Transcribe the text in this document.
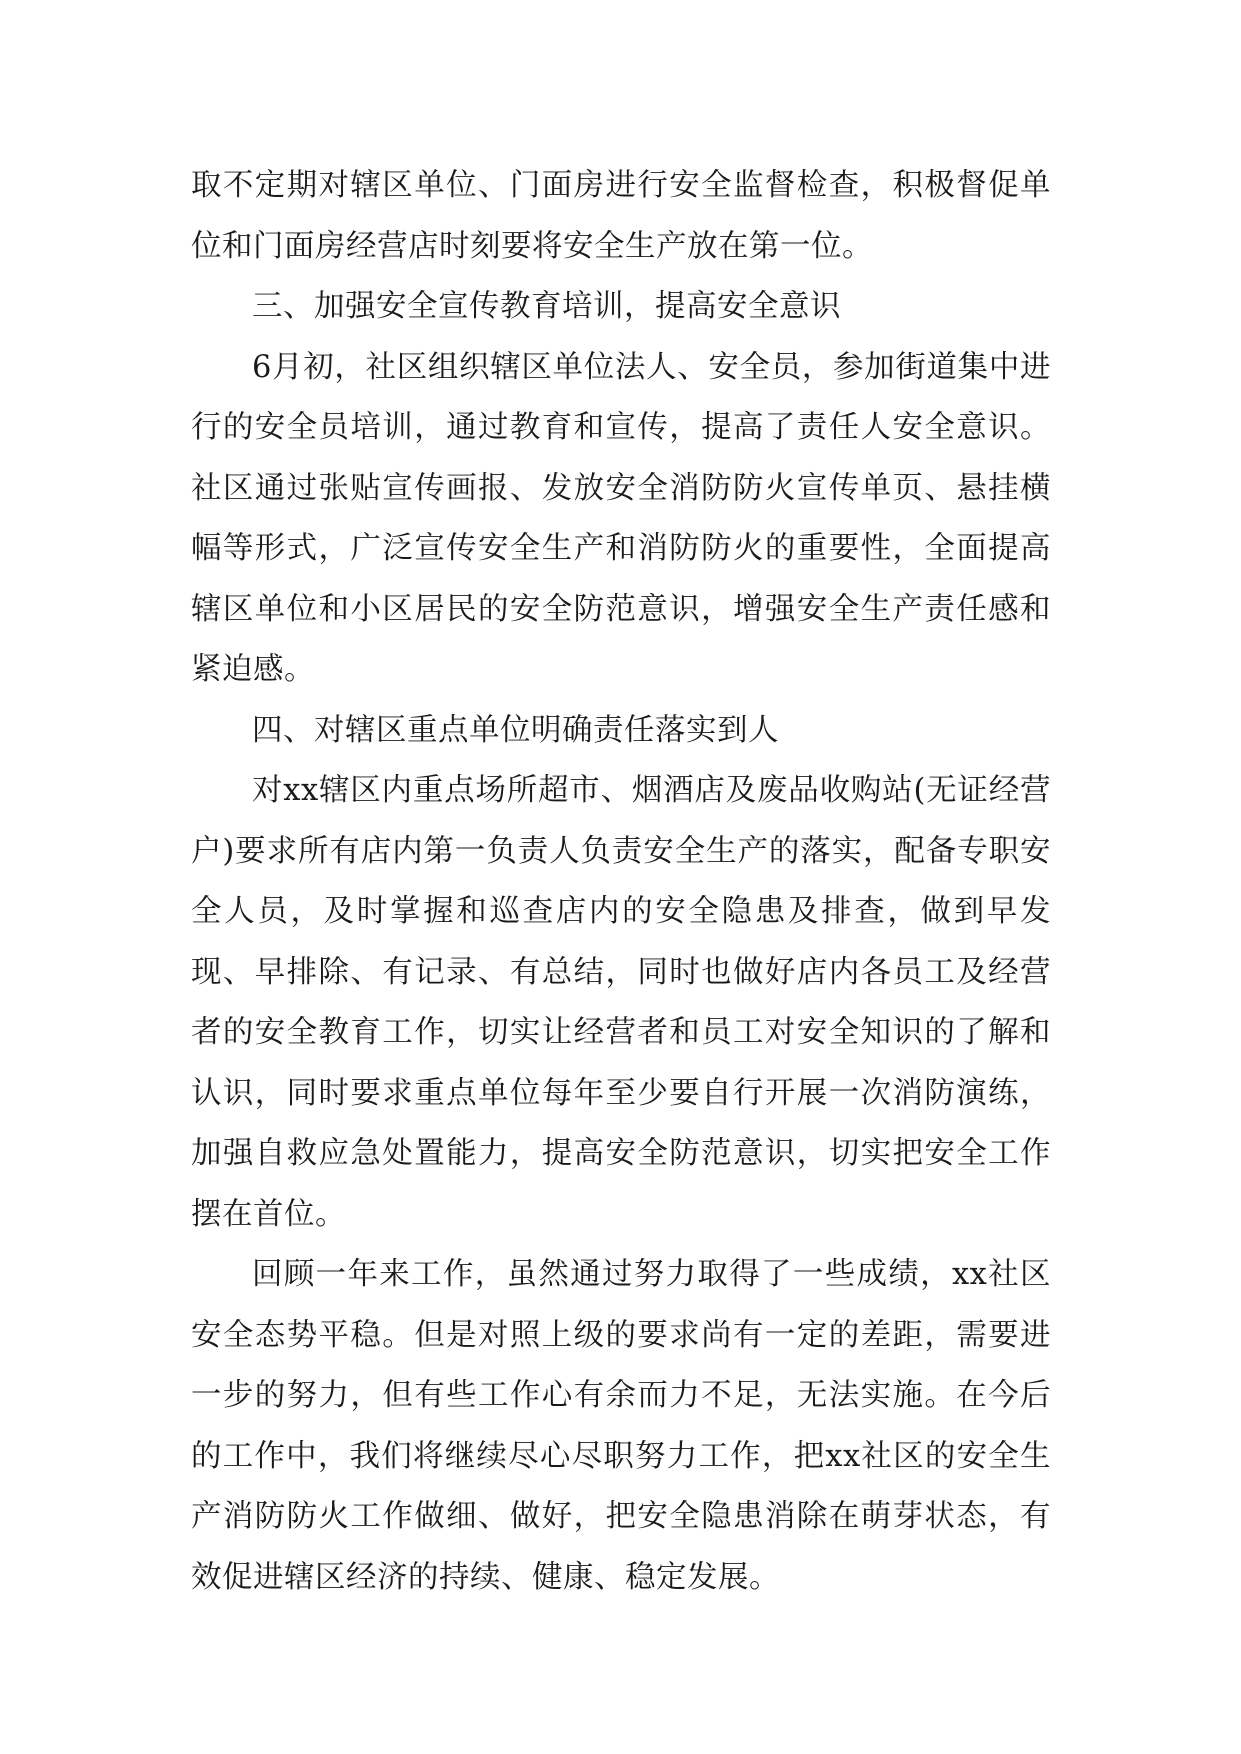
取不定期对辖区单位、门面房进行安全监督检查，积极督促单位和门面房经营店时刻要将安全生产放在第一位。

三、加强安全宣传教育培训，提高安全意识

6月初，社区组织辖区单位法人、安全员，参加街道集中进行的安全员培训，通过教育和宣传，提高了责任人安全意识。社区通过张贴宣传画报、发放安全消防防火宣传单页、悬挂横幅等形式，广泛宣传安全生产和消防防火的重要性，全面提高辖区单位和小区居民的安全防范意识，增强安全生产责任感和紧迫感。

四、对辖区重点单位明确责任落实到人

对xx辖区内重点场所超市、烟酒店及废品收购站(无证经营户)要求所有店内第一负责人负责安全生产的落实，配备专职安全人员，及时掌握和巡查店内的安全隐患及排查，做到早发现、早排除、有记录、有总结，同时也做好店内各员工及经营者的安全教育工作，切实让经营者和员工对安全知识的了解和认识，同时要求重点单位每年至少要自行开展一次消防演练，加强自救应急处置能力，提高安全防范意识，切实把安全工作摆在首位。

回顾一年来工作，虽然通过努力取得了一些成绩，xx社区安全态势平稳。但是对照上级的要求尚有一定的差距，需要进一步的努力，但有些工作心有余而力不足，无法实施。在今后的工作中，我们将继续尽心尽职努力工作，把xx社区的安全生产消防防火工作做细、做好，把安全隐患消除在萌芽状态，有效促进辖区经济的持续、健康、稳定发展。
